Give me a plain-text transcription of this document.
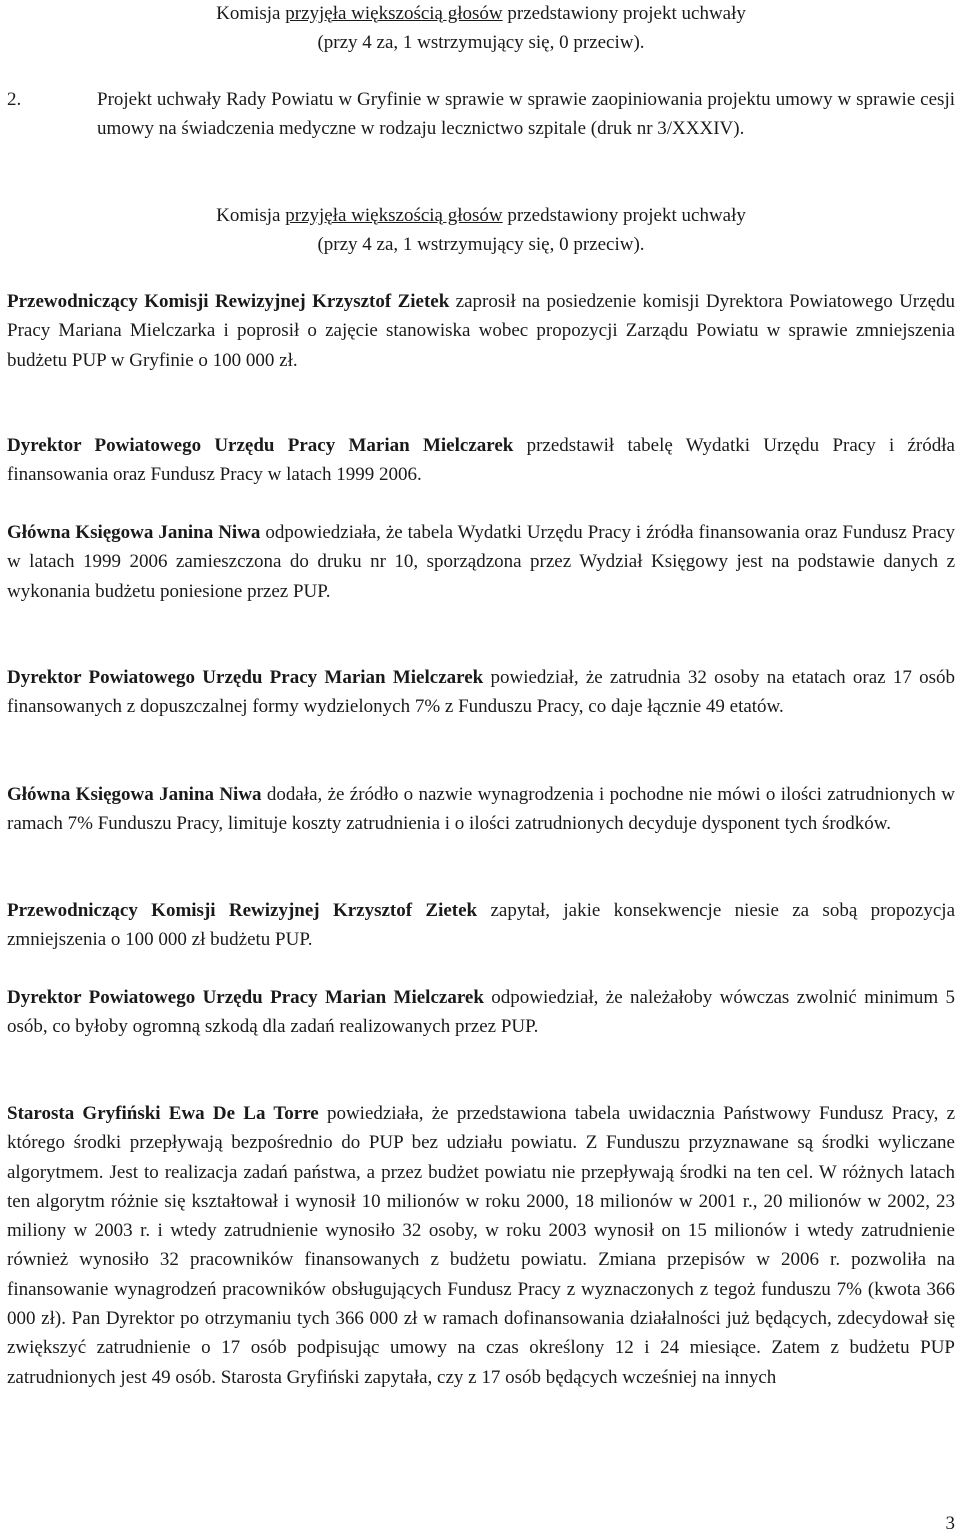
Komisja przyjęła większością głosów przedstawiony projekt uchwały
(przy 4 za, 1 wstrzymujący się, 0 przeciw).
2.	Projekt uchwały Rady Powiatu w Gryfinie w sprawie w sprawie zaopiniowania projektu umowy w sprawie cesji umowy na świadczenia medyczne w rodzaju lecznictwo szpitale (druk nr 3/XXXIV).
Komisja przyjęła większością głosów przedstawiony projekt uchwały
(przy 4 za, 1 wstrzymujący się, 0 przeciw).

Przewodniczący Komisji Rewizyjnej Krzysztof Zietek zaprosił na posiedzenie komisji Dyrektora Powiatowego Urzędu Pracy Mariana Mielczarka i poprosił o zajęcie stanowiska wobec propozycji Zarządu Powiatu w sprawie zmniejszenia budżetu PUP w Gryfinie o 100 000 zł.

Dyrektor Powiatowego Urzędu Pracy Marian Mielczarek przedstawił tabelę Wydatki Urzędu Pracy i źródła finansowania oraz Fundusz Pracy w latach 1999 2006.

Główna Księgowa Janina Niwa odpowiedziała, że tabela Wydatki Urzędu Pracy i źródła finansowania oraz Fundusz Pracy w latach 1999 2006 zamieszczona do druku nr 10, sporządzona przez Wydział Księgowy jest na podstawie danych z wykonania budżetu poniesione przez PUP.

Dyrektor Powiatowego Urzędu Pracy Marian Mielczarek powiedział, że zatrudnia 32 osoby na etatach oraz 17 osób finansowanych z dopuszczalnej formy wydzielonych 7% z Funduszu Pracy, co daje łącznie 49 etatów.

Główna Księgowa Janina Niwa dodała, że źródło o nazwie wynagrodzenia i pochodne nie mówi o ilości zatrudnionych w ramach 7% Funduszu Pracy, limituje koszty zatrudnienia i o ilości zatrudnionych decyduje dysponent tych środków.

Przewodniczący Komisji Rewizyjnej Krzysztof Zietek zapytał, jakie konsekwencje niesie za sobą propozycja zmniejszenia o 100 000 zł budżetu PUP.

Dyrektor Powiatowego Urzędu Pracy Marian Mielczarek odpowiedział, że należałoby wówczas zwolnić minimum 5 osób, co byłoby ogromną szkodą dla zadań realizowanych przez PUP.

Starosta Gryfiński Ewa De La Torre powiedziała, że przedstawiona tabela uwidacznia Państwowy Fundusz Pracy, z którego środki przepływają bezpośrednio do PUP bez udziału powiatu. Z Funduszu przyznawane są środki wyliczane algorytmem. Jest to realizacja zadań państwa, a przez budżet powiatu nie przepływają środki na ten cel. W różnych latach ten algorytm różnie się kształtował i wynosił 10 milionów w roku 2000, 18 milionów w 2001 r., 20 milionów w 2002, 23 miliony w 2003 r. i wtedy zatrudnienie wynosiło 32 osoby, w roku 2003 wynosił on 15 milionów i wtedy zatrudnienie również wynosiło 32 pracowników finansowanych z budżetu powiatu. Zmiana przepisów w 2006 r. pozwoliła na finansowanie wynagrodzeń pracowników obsługujących Fundusz Pracy z wyznaczonych z tegoż funduszu 7% (kwota 366 000 zł). Pan Dyrektor po otrzymaniu tych 366 000 zł w ramach dofinansowania działalności już będących, zdecydował się zwiększyć zatrudnienie o 17 osób podpisując umowy na czas określony 12 i 24 miesiące. Zatem z budżetu PUP zatrudnionych jest 49 osób. Starosta Gryfiński zapytała, czy z 17 osób będących wcześniej na innych

3
